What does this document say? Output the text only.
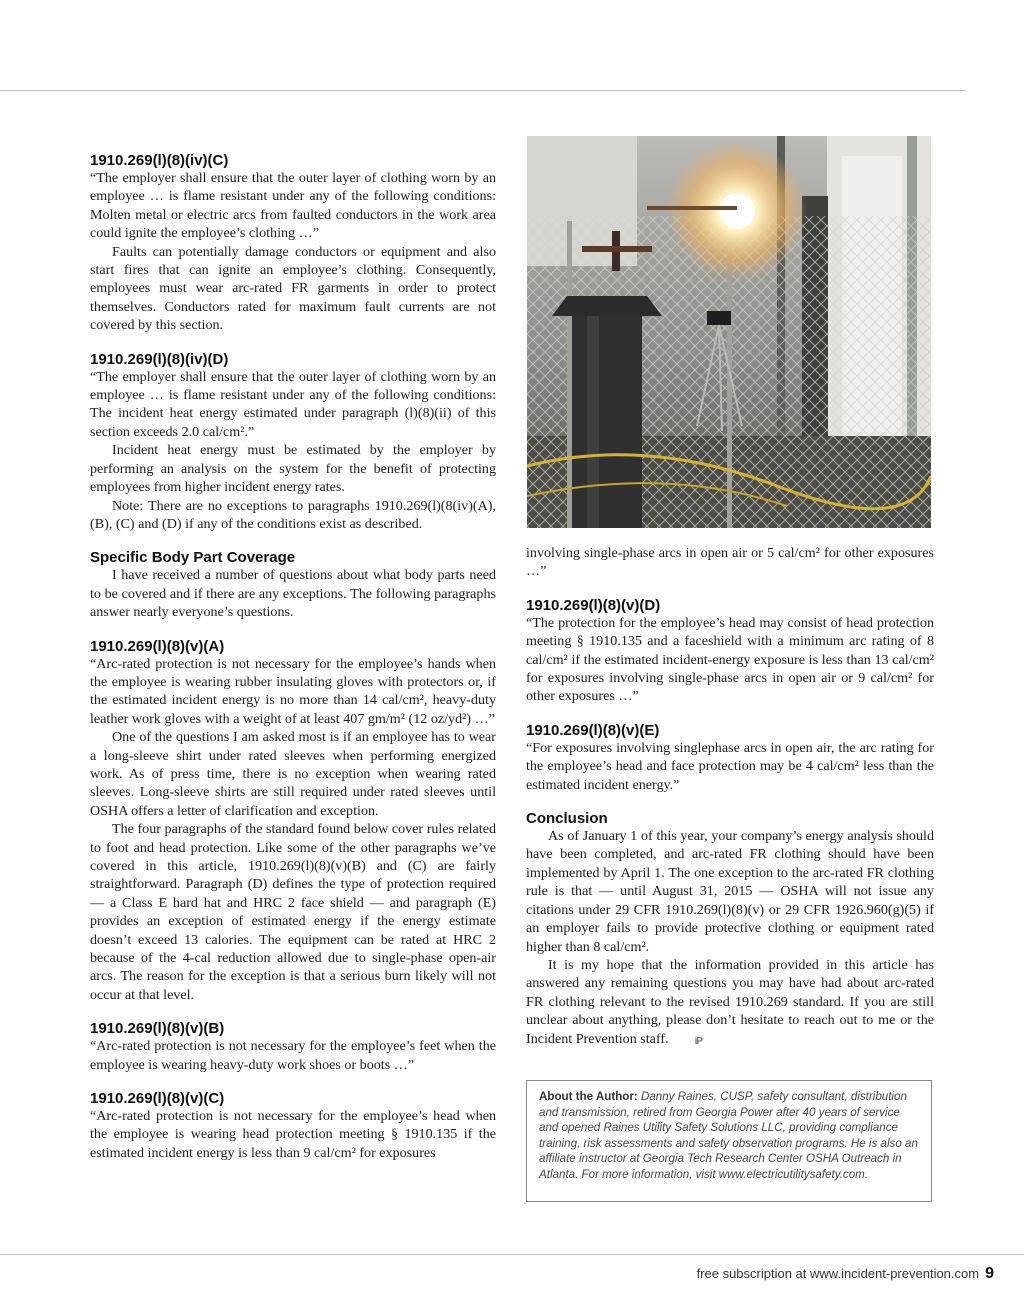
1910.269(l)(8)(iv)(C)

“The employer shall ensure that the outer layer of clothing worn by an employee … is flame resistant under any of the following conditions: Molten metal or electric arcs from faulted conductors in the work area could ignite the employee’s clothing …”

Faults can potentially damage conductors or equipment and also start fires that can ignite an employee’s clothing. Consequently, employees must wear arc-rated FR garments in order to protect themselves. Conductors rated for maximum fault currents are not covered by this section.

1910.269(l)(8)(iv)(D)

“The employer shall ensure that the outer layer of clothing worn by an employee … is flame resistant under any of the following conditions: The incident heat energy estimated under paragraph (l)(8)(ii) of this section exceeds 2.0 cal/cm².”

Incident heat energy must be estimated by the employer by performing an analysis on the system for the benefit of protecting employees from higher incident energy rates.

Note: There are no exceptions to paragraphs 1910.269(l)(8(iv)(A), (B), (C) and (D) if any of the conditions exist as described.

Specific Body Part Coverage

I have received a number of questions about what body parts need to be covered and if there are any exceptions. The following paragraphs answer nearly everyone’s questions.

1910.269(l)(8)(v)(A)

“Arc-rated protection is not necessary for the employee’s hands when the employee is wearing rubber insulating gloves with protectors or, if the estimated incident energy is no more than 14 cal/cm², heavy-duty leather work gloves with a weight of at least 407 gm/m² (12 oz/yd²) …”

One of the questions I am asked most is if an employee has to wear a long-sleeve shirt under rated sleeves when performing energized work. As of press time, there is no exception when wearing rated sleeves. Long-sleeve shirts are still required under rated sleeves until OSHA offers a letter of clarification and exception.

The four paragraphs of the standard found below cover rules related to foot and head protection. Like some of the other paragraphs we’ve covered in this article, 1910.269(l)(8)(v)(B) and (C) are fairly straightforward. Paragraph (D) defines the type of protection required — a Class E hard hat and HRC 2 face shield — and paragraph (E) provides an exception of estimated energy if the energy estimate doesn’t exceed 13 calories. The equipment can be rated at HRC 2 because of the 4-cal reduction allowed due to single-phase open-air arcs. The reason for the exception is that a serious burn likely will not occur at that level.

1910.269(l)(8)(v)(B)

“Arc-rated protection is not necessary for the employee’s feet when the employee is wearing heavy-duty work shoes or boots …”

1910.269(l)(8)(v)(C)

“Arc-rated protection is not necessary for the employee’s head when the employee is wearing head protection meeting § 1910.135 if the estimated incident energy is less than 9 cal/cm² for exposures

involving single-phase arcs in open air or 5 cal/cm² for other exposures …”

1910.269(l)(8)(v)(D)

“The protection for the employee’s head may consist of head protection meeting § 1910.135 and a faceshield with a minimum arc rating of 8 cal/cm² if the estimated incident-energy exposure is less than 13 cal/cm² for exposures involving single-phase arcs in open air or 9 cal/cm² for other exposures …”

1910.269(l)(8)(v)(E)

“For exposures involving singlephase arcs in open air, the arc rating for the employee’s head and face protection may be 4 cal/cm² less than the estimated incident energy.”

Conclusion

As of January 1 of this year, your company’s energy analysis should have been completed, and arc-rated FR clothing should have been implemented by April 1. The one exception to the arc-rated FR clothing rule is that — until August 31, 2015 — OSHA will not issue any citations under 29 CFR 1910.269(l)(8)(v) or 29 CFR 1926.960(g)(5) if an employer fails to provide protective clothing or equipment rated higher than 8 cal/cm².

It is my hope that the information provided in this article has answered any remaining questions you may have had about arc-rated FR clothing relevant to the revised 1910.269 standard. If you are still unclear about anything, please don’t hesitate to reach out to me or the Incident Prevention staff.	iP

About the Author: Danny Raines, CUSP, safety consultant, distribution and transmission, retired from Georgia Power after 40 years of service and opened Raines Utility Safety Solutions LLC, providing compliance training, risk assessments and safety observation programs. He is also an affiliate instructor at Georgia Tech Research Center OSHA Outreach in Atlanta. For more information, visit www.electricutilitysafety.com.
free subscription at www.incident-prevention.com 9
